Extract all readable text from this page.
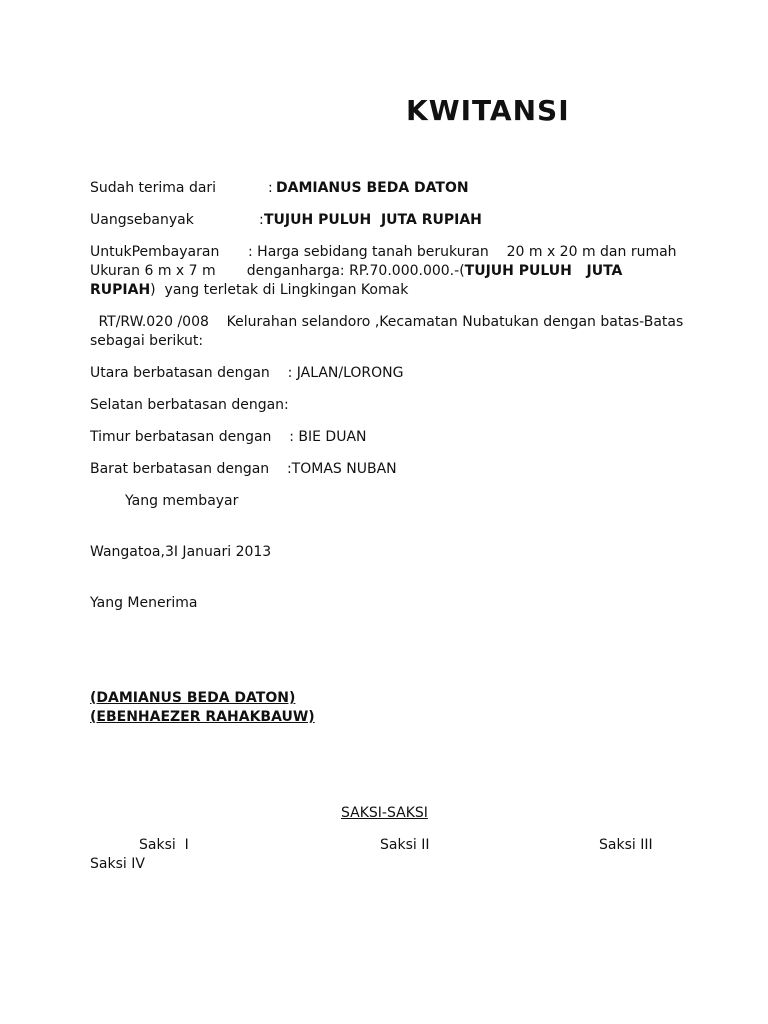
KWITANSI
Sudah terima dari	: DAMIANUS BEDA DATON
Uangsebanyak	: TUJUH PULUH  JUTA RUPIAH
UntukPembayaran : Harga sebidang tanah berukuran    20 m x 20 m dan rumah
Ukuran 6 m x 7 m       denganharga: RP.70.000.000.-(TUJUH PULUH   JUTA
RUPIAH)  yang terletak di Lingkingan Komak
RT/RW.020 /008    Kelurahan selandoro ,Kecamatan Nubatukan dengan batas-Batas
sebagai berikut:
Utara berbatasan dengan    : JALAN/LORONG
Selatan berbatasan dengan:
Timur berbatasan dengan    : BIE DUAN
Barat berbatasan dengan    :TOMAS NUBAN
Yang membayar
Wangatoa,3I Januari 2013
Yang Menerima
(DAMIANUS BEDA DATON)
(EBENHAEZER RAHAKBAUW)
SAKSI-SAKSI
Saksi  I	Saksi II	Saksi III
Saksi IV
